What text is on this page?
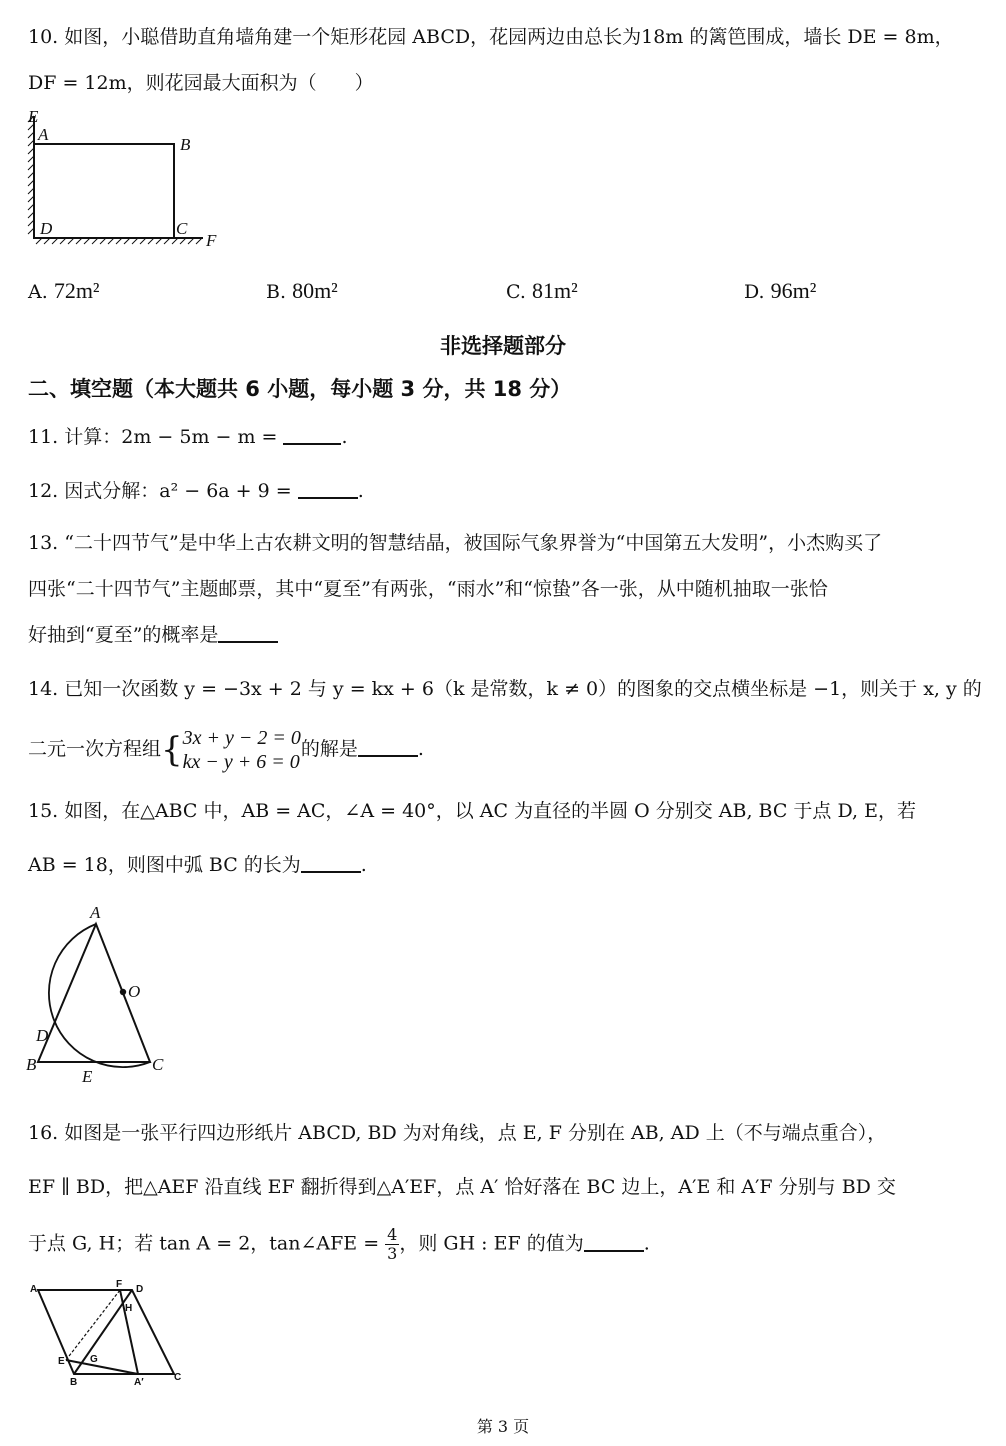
10. 如图，小聪借助直角墙角建一个矩形花园 ABCD，花园两边由总长为18m 的篱笆围成，墙长 DE = 8m，
DF = 12m，则花园最大面积为（　　）
E
A
B
D	C
F
A. 72m²	B. 80m²	C. 81m²	D. 96m²
非选择题部分
二、填空题（本大题共 6 小题，每小题 3 分，共 18 分）
11. 计算：2m − 5m − m =	.
12. 因式分解：a² − 6a + 9 =	.
13. “二十四节气”是中华上古农耕文明的智慧结晶，被国际气象界誉为“中国第五大发明”，小杰购买了
四张“二十四节气”主题邮票，其中“夏至”有两张，“雨水”和“惊蛰”各一张，从中随机抽取一张恰
好抽到“夏至”的概率是
14. 已知一次函数 y = −3x + 2 与 y = kx + 6（k 是常数，k ≠ 0）的图象的交点横坐标是 −1，则关于 x, y 的
二元一次方程组{ 3x + y − 2 = 0
kx − y + 6 = 0
的解是	.
15. 如图，在△ABC 中，AB = AC，∠A = 40°，以 AC 为直径的半圆 O 分别交 AB, BC 于点 D, E，若
AB = 18，则图中弧 BC 的长为	.
A
O
D
B
E
C
16. 如图是一张平行四边形纸片 ABCD, BD 为对角线，点 E, F 分别在 AB, AD 上（不与端点重合），
EF ∥ BD，把△AEF 沿直线 EF 翻折得到△A′EF，点 A′ 恰好落在 BC 边上，A′E 和 A′F 分别与 BD 交
于点 G, H；若 tan A = 2，tan∠AFE = $\frac{4}{3}$ ，则 GH : EF 的值为	.
A	F D
H
E	G
B	A′	C
第 3 页
